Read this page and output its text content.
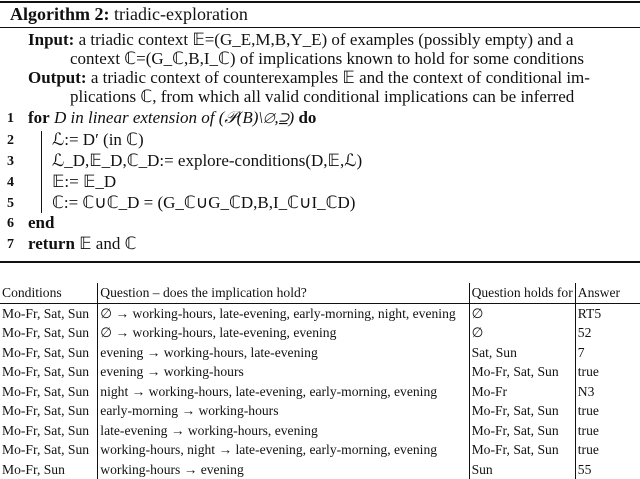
Algorithm 2: triadic-exploration
Input: a triadic context 𝔼=(G_E,M,B,Y_E) of examples (possibly empty) and a
context ℂ=(G_ℂ,B,I_ℂ) of implications known to hold for some conditions
Output: a triadic context of counterexamples 𝔼 and the context of conditional im-
plications ℂ, from which all valid conditional implications can be inferred
1 for D in linear extension of (𝒫(B)\∅,⊇) do
2 ℒ:= D′ (in ℂ)
3 ℒ_D,𝔼_D,ℂ_D:= explore-conditions(D,𝔼,ℒ)
4 𝔼:= 𝔼_D
5 ℂ:= ℂ∪ℂ_D = (G_ℂ∪G_ℂD,B,I_ℂ∪I_ℂD)
6 end
7 return 𝔼 and ℂ
Conditions	Question – does the implication hold?	Question holds for	Answer
Mo-Fr, Sat, Sun	∅ → working-hours, late-evening, early-morning, night, evening	∅	RT5
Mo-Fr, Sat, Sun	∅ → working-hours, late-evening, evening	∅	52
Mo-Fr, Sat, Sun	evening → working-hours, late-evening	Sat, Sun	7
Mo-Fr, Sat, Sun	evening → working-hours	Mo-Fr, Sat, Sun	true
Mo-Fr, Sat, Sun	night → working-hours, late-evening, early-morning, evening	Mo-Fr	N3
Mo-Fr, Sat, Sun	early-morning → working-hours	Mo-Fr, Sat, Sun	true
Mo-Fr, Sat, Sun	late-evening → working-hours, evening	Mo-Fr, Sat, Sun	true
Mo-Fr, Sat, Sun	working-hours, night → late-evening, early-morning, evening	Mo-Fr, Sat, Sun	true
Mo-Fr, Sun	working-hours → evening	Sun	55
